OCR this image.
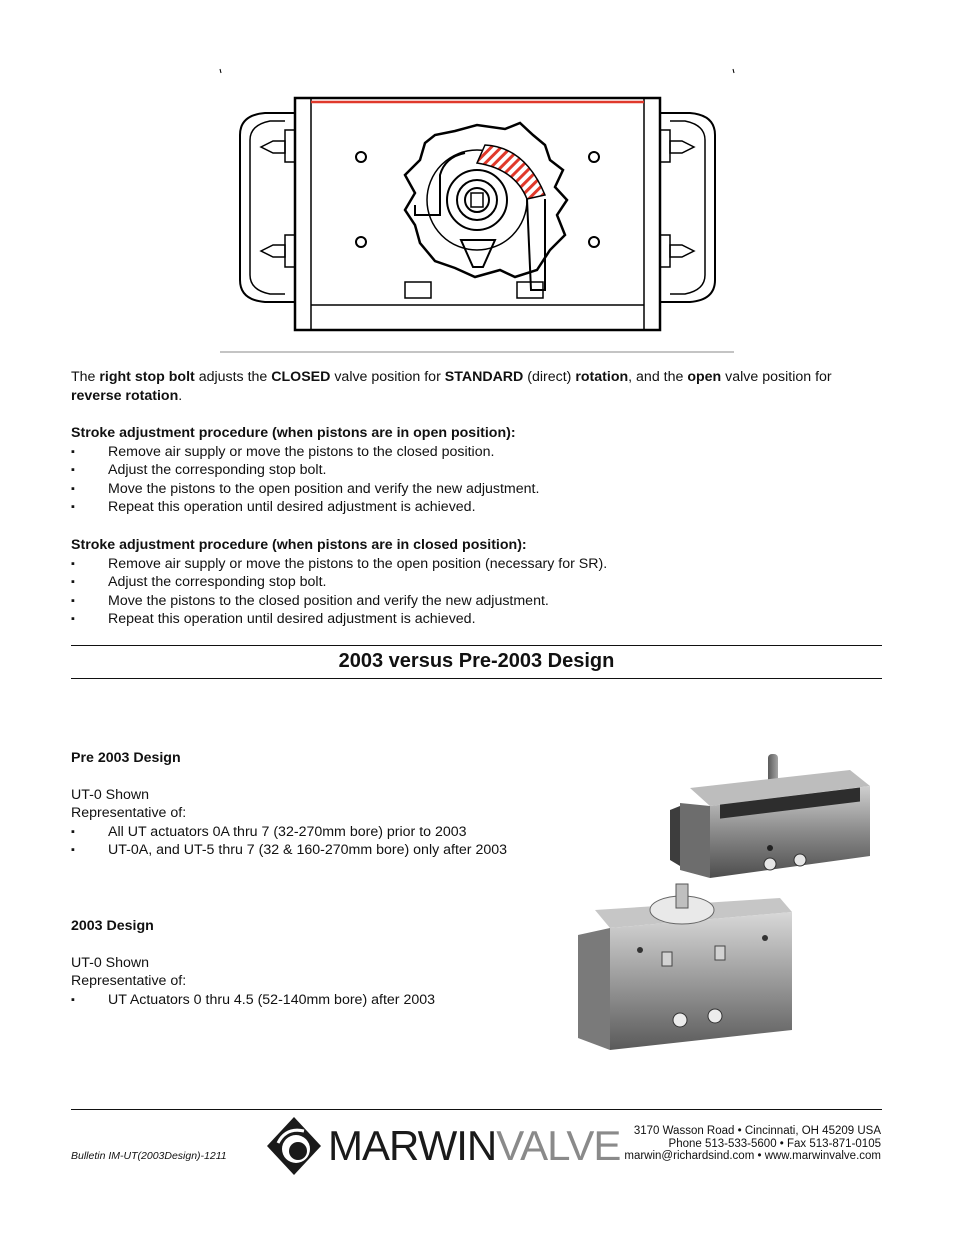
The right stop bolt adjusts the CLOSED valve position for STANDARD (direct) rotation, and the open valve position for reverse rotation.
Stroke adjustment procedure (when pistons are in open position):
▪ Remove air supply or move the pistons to the closed position.
▪ Adjust the corresponding stop bolt.
▪ Move the pistons to the open position and verify the new adjustment.
▪ Repeat this operation until desired adjustment is achieved.
Stroke adjustment procedure (when pistons are in closed position):
▪ Remove air supply or move the pistons to the open position (necessary for SR).
▪ Adjust the corresponding stop bolt.
▪ Move the pistons to the closed position and verify the new adjustment.
▪ Repeat this operation until desired adjustment is achieved.
2003 versus Pre-2003 Design
Pre 2003 Design
UT-0 Shown
Representative of:
▪ All UT actuators 0A thru 7 (32-270mm bore) prior to 2003
▪ UT-0A, and UT-5 thru 7 (32 & 160-270mm bore) only after 2003
2003 Design
UT-0 Shown
Representative of:
▪ UT Actuators 0 thru 4.5 (52-140mm bore) after 2003
Bulletin IM-UT(2003Design)-1211 MARWINVALVE	3170 Wasson Road • Cincinnati, OH 45209 USA
Phone 513-533-5600 • Fax 513-871-0105
marwin@richardsind.com • www.marwinvalve.com
